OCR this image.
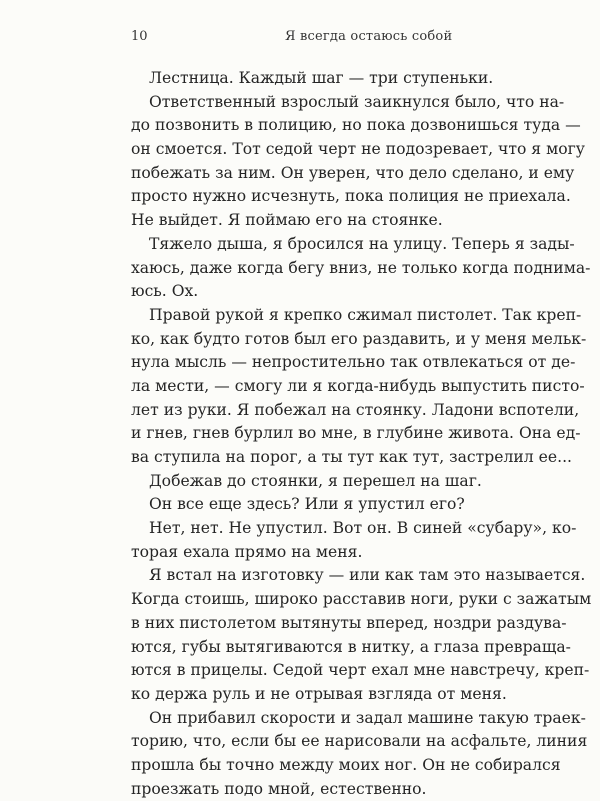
10	Я всегда остаюсь собой
Лестница. Каждый шаг — три ступеньки.
Ответственный взрослый заикнулся было, что на-
до позвонить в полицию, но пока дозвонишься туда —
он смоется. Тот седой черт не подозревает, что я могу
побежать за ним. Он уверен, что дело сделано, и ему
просто нужно исчезнуть, пока полиция не приехала.
Не выйдет. Я поймаю его на стоянке.
Тяжело дыша, я бросился на улицу. Теперь я зады-
хаюсь, даже когда бегу вниз, не только когда поднима-
юсь. Ох.
Правой рукой я крепко сжимал пистолет. Так креп-
ко, как будто готов был его раздавить, и у меня мельк-
нула мысль — непростительно так отвлекаться от де-
ла мести, — смогу ли я когда-нибудь выпустить писто-
лет из руки. Я побежал на стоянку. Ладони вспотели,
и гнев, гнев бурлил во мне, в глубине живота. Она ед-
ва ступила на порог, а ты тут как тут, застрелил ее...
Добежав до стоянки, я перешел на шаг.
Он все еще здесь? Или я упустил его?
Нет, нет. Не упустил. Вот он. В синей «субару», ко-
торая ехала прямо на меня.
Я встал на изготовку — или как там это называется.
Когда стоишь, широко расставив ноги, руки с зажатым
в них пистолетом вытянуты вперед, ноздри раздува-
ются, губы вытягиваются в нитку, а глаза превраща-
ются в прицелы. Седой черт ехал мне навстречу, креп-
ко держа руль и не отрывая взгляда от меня.
Он прибавил скорости и задал машине такую траек-
торию, что, если бы ее нарисовали на асфальте, линия
прошла бы точно между моих ног. Он не собирался
проезжать подо мной, естественно.
